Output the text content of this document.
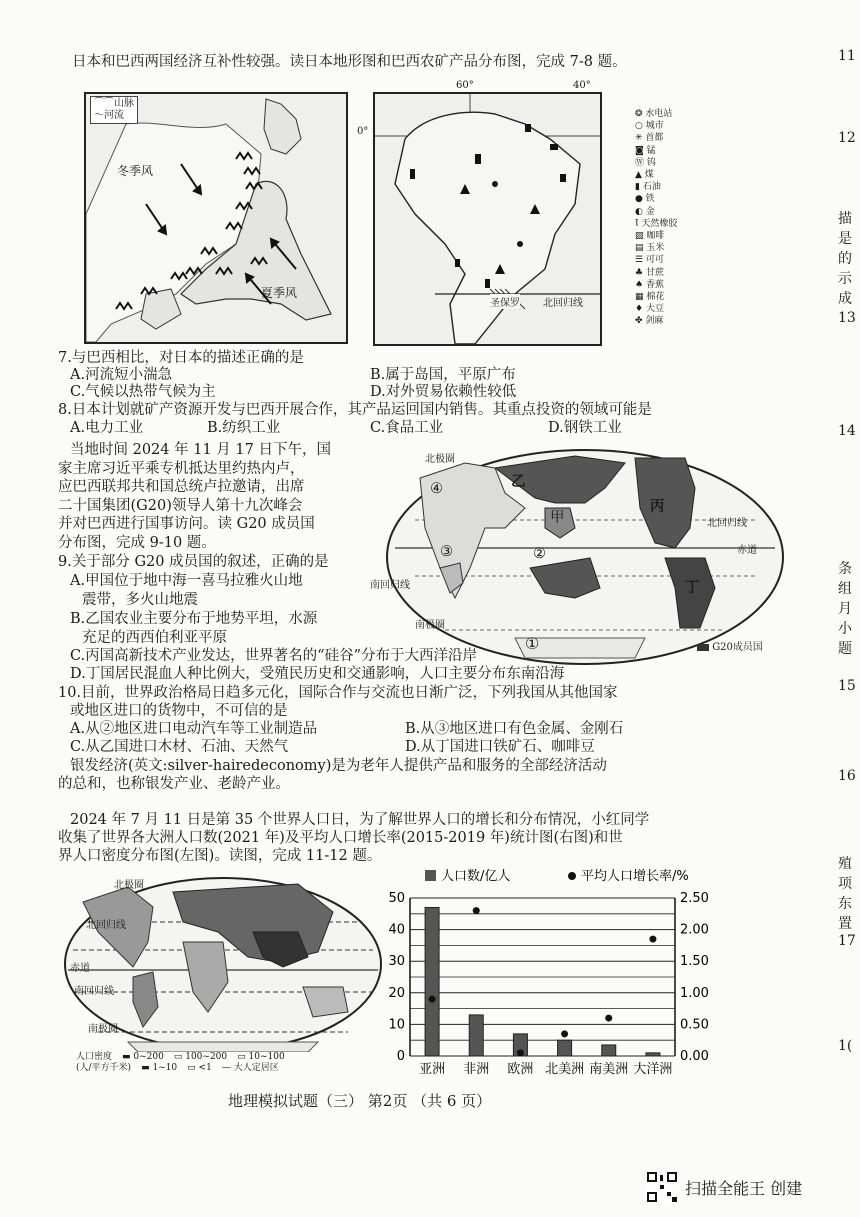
日本和巴西两国经济互补性较强。读日本地形图和巴西农矿产品分布图，完成 7-8 题。
⌒⌒山脉
〜河流
冬季风
夏季风
60°	40°
0°
圣保罗 北回归线
❂ 水电站
○ 城市
✳ 首都
◙ 锰
Ⓦ 钨
▲ 煤
▮ 石油
● 铁
◐ 金
Ɩ 天然橡胶
▨ 咖啡
▤ 玉米
☰ 可可
♣ 甘蔗
♠ 香蕉
▦ 棉花
♦ 大豆
✤ 剑麻
7.与巴西相比，对日本的描述正确的是
A.河流短小湍急	B.属于岛国，平原广布
C.气候以热带气候为主	D.对外贸易依赖性较低
8.日本计划就矿产资源开发与巴西开展合作，其产品运回国内销售。其重点投资的领域可能是
A.电力工业	B.纺织工业	C.食品工业	D.钢铁工业
当地时间 2024 年 11 月 17 日下午，国
家主席习近平乘专机抵达里约热内卢，
应巴西联邦共和国总统卢拉邀请，出席
二十国集团(G20)领导人第十九次峰会
并对巴西进行国事访问。读 G20 成员国
分布图，完成 9-10 题。
9.关于部分 G20 成员国的叙述，正确的是
A.甲国位于地中海一喜马拉雅火山地
震带，多火山地震
B.乙国农业主要分布于地势平坦，水源
充足的西西伯利亚平原
北极圈
乙
甲
丙
北回归线
赤道
南回归线
南极圈
丁
①
②
③
④
G20成员国
C.丙国高新技术产业发达，世界著名的“硅谷”分布于大西洋沿岸
D.丁国居民混血人种比例大，受殖民历史和交通影响，人口主要分布东南沿海
10.目前，世界政治格局日趋多元化，国际合作与交流也日渐广泛，下列我国从其他国家
或地区进口的货物中，不可信的是
A.从②地区进口电动汽车等工业制造品	B.从③地区进口有色金属、金刚石
C.从乙国进口木材、石油、天然气	D.从丁国进口铁矿石、咖啡豆
银发经济(英文:silver-hairedeconomy)是为老年人提供产品和服务的全部经济活动
的总和，也称银发产业、老龄产业。
2024 年 7 月 11 日是第 35 个世界人口日，为了解世界人口的增长和分布情况，小红同学
收集了世界各大洲人口数(2021 年)及平均人口增长率(2015-2019 年)统计图(右图)和世
界人口密度分布图(左图)。读图，完成 11-12 题。
北极圈
北回归线
赤道
南回归线
南极圈
人口密度 ▬ 0~200 ▭ 100~200 ▭ 10~100
(人/平方千米) ▬ 1~10 ▭ <1 — 大人定居区
人口数/亿人	平均人口增长率/%
0
10
20
30
40
50
0.00
0.50
1.00
1.50
2.00
2.50
亚洲 非洲 欧洲 北美洲 南美洲 大洋洲
地理模拟试题（三） 第2页 （共 6 页）
扫描全能王 创建
11
12
描
是
的
示
成
13
14
条
组
月
小
题
15
16
殖
项
东
置
17
1(
